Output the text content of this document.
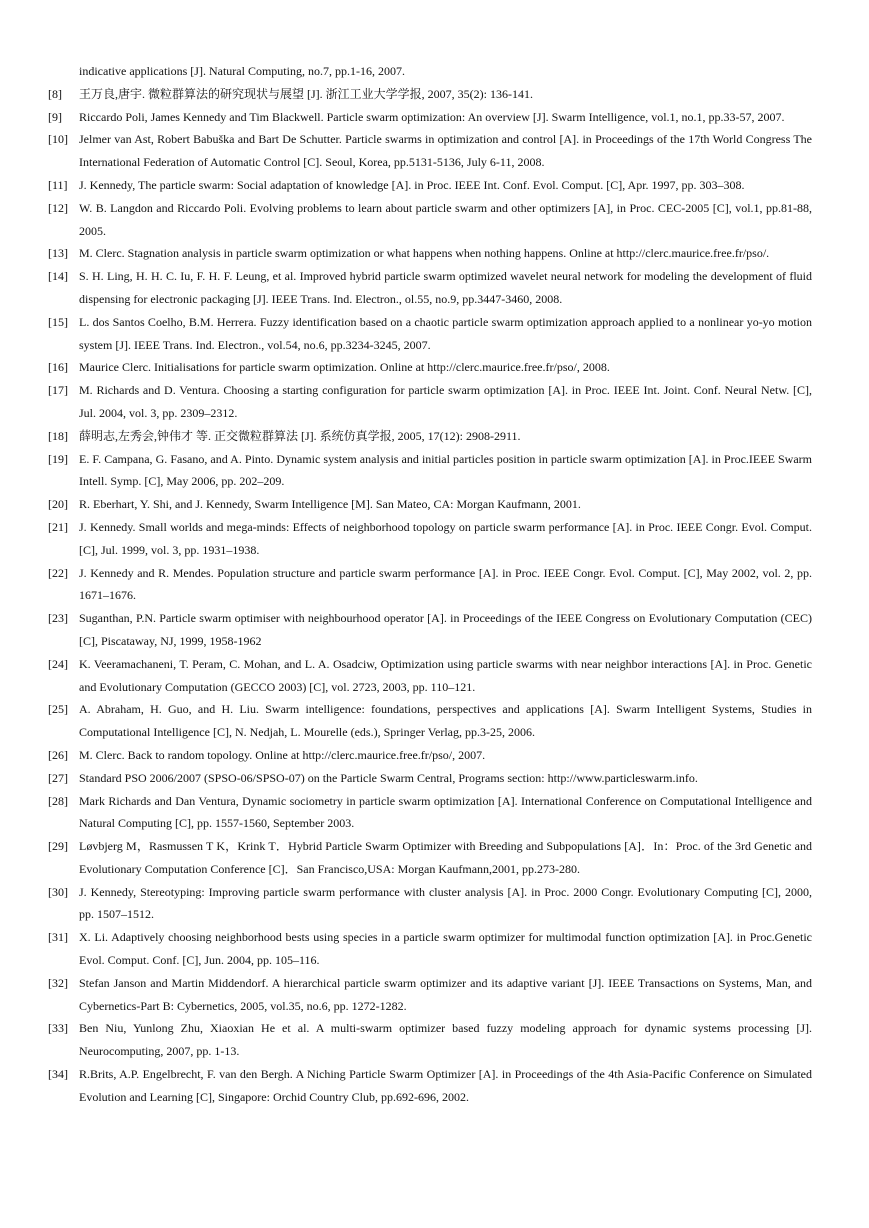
indicative applications [J]. Natural Computing, no.7, pp.1-16, 2007.
[8]	王万良,唐宇. 微粒群算法的研究现状与展望 [J]. 浙江工业大学学报, 2007, 35(2): 136-141.
[9]	Riccardo Poli, James Kennedy and Tim Blackwell. Particle swarm optimization: An overview [J]. Swarm Intelligence, vol.1, no.1, pp.33-57, 2007.
[10] Jelmer van Ast, Robert Babuška and Bart De Schutter. Particle swarms in optimization and control [A]. in Proceedings of the 17th World Congress The International Federation of Automatic Control [C]. Seoul, Korea, pp.5131-5136, July 6-11, 2008.
[11] J. Kennedy, The particle swarm: Social adaptation of knowledge [A]. in Proc. IEEE Int. Conf. Evol. Comput. [C], Apr. 1997, pp. 303–308.
[12] W. B. Langdon and Riccardo Poli. Evolving problems to learn about particle swarm and other optimizers [A], in Proc. CEC-2005 [C], vol.1, pp.81-88, 2005.
[13] M. Clerc. Stagnation analysis in particle swarm optimization or what happens when nothing happens. Online at http://clerc.maurice.free.fr/pso/.
[14] S. H. Ling, H. H. C. Iu, F. H. F. Leung, et al. Improved hybrid particle swarm optimized wavelet neural network for modeling the development of fluid dispensing for electronic packaging [J]. IEEE Trans. Ind. Electron., ol.55, no.9, pp.3447-3460, 2008.
[15] L. dos Santos Coelho, B.M. Herrera. Fuzzy identification based on a chaotic particle swarm optimization approach applied to a nonlinear yo-yo motion system [J]. IEEE Trans. Ind. Electron., vol.54, no.6, pp.3234-3245, 2007.
[16] Maurice Clerc. Initialisations for particle swarm optimization. Online at http://clerc.maurice.free.fr/pso/, 2008.
[17] M. Richards and D. Ventura. Choosing a starting configuration for particle swarm optimization [A]. in Proc. IEEE Int. Joint. Conf. Neural Netw. [C], Jul. 2004, vol. 3, pp. 2309–2312.
[18] 薛明志,左秀会,钟伟才 等. 正交微粒群算法 [J]. 系统仿真学报, 2005, 17(12): 2908-2911.
[19] E. F. Campana, G. Fasano, and A. Pinto. Dynamic system analysis and initial particles position in particle swarm optimization [A]. in Proc.IEEE Swarm Intell. Symp. [C], May 2006, pp. 202–209.
[20] R. Eberhart, Y. Shi, and J. Kennedy, Swarm Intelligence [M]. San Mateo, CA: Morgan Kaufmann, 2001.
[21] J. Kennedy. Small worlds and mega-minds: Effects of neighborhood topology on particle swarm performance [A]. in Proc. IEEE Congr. Evol. Comput. [C], Jul. 1999, vol. 3, pp. 1931–1938.
[22] J. Kennedy and R. Mendes. Population structure and particle swarm performance [A]. in Proc. IEEE Congr. Evol. Comput. [C], May 2002, vol. 2, pp. 1671–1676.
[23] Suganthan, P.N. Particle swarm optimiser with neighbourhood operator [A]. in Proceedings of the IEEE Congress on Evolutionary Computation (CEC) [C], Piscataway, NJ, 1999, 1958-1962
[24] K. Veeramachaneni, T. Peram, C. Mohan, and L. A. Osadciw, Optimization using particle swarms with near neighbor interactions [A]. in Proc. Genetic and Evolutionary Computation (GECCO 2003) [C], vol. 2723, 2003, pp. 110–121.
[25] A. Abraham, H. Guo, and H. Liu. Swarm intelligence: foundations, perspectives and applications [A]. Swarm Intelligent Systems, Studies in Computational Intelligence [C], N. Nedjah, L. Mourelle (eds.), Springer Verlag, pp.3-25, 2006.
[26] M. Clerc. Back to random topology. Online at http://clerc.maurice.free.fr/pso/, 2007.
[27] Standard PSO 2006/2007 (SPSO-06/SPSO-07) on the Particle Swarm Central, Programs section: http://www.particleswarm.info.
[28] Mark Richards and Dan Ventura, Dynamic sociometry in particle swarm optimization [A]. International Conference on Computational Intelligence and Natural Computing [C], pp. 1557-1560, September 2003.
[29] Løvbjerg M，Rasmussen T K，Krink T．Hybrid Particle Swarm Optimizer with Breeding and Subpopulations [A]．In：Proc. of the 3rd Genetic and Evolutionary Computation Conference [C]．San Francisco,USA: Morgan Kaufmann,2001, pp.273-280.
[30] J. Kennedy, Stereotyping: Improving particle swarm performance with cluster analysis [A]. in Proc. 2000 Congr. Evolutionary Computing [C], 2000, pp. 1507–1512.
[31] X. Li. Adaptively choosing neighborhood bests using species in a particle swarm optimizer for multimodal function optimization [A]. in Proc.Genetic Evol. Comput. Conf. [C], Jun. 2004, pp. 105–116.
[32] Stefan Janson and Martin Middendorf. A hierarchical particle swarm optimizer and its adaptive variant [J]. IEEE Transactions on Systems, Man, and Cybernetics-Part B: Cybernetics, 2005, vol.35, no.6, pp. 1272-1282.
[33] Ben Niu, Yunlong Zhu, Xiaoxian He et al. A multi-swarm optimizer based fuzzy modeling approach for dynamic systems processing [J]. Neurocomputing, 2007, pp. 1-13.
[34] R.Brits, A.P. Engelbrecht, F. van den Bergh. A Niching Particle Swarm Optimizer [A]. in Proceedings of the 4th Asia-Pacific Conference on Simulated Evolution and Learning [C], Singapore: Orchid Country Club, pp.692-696, 2002.
